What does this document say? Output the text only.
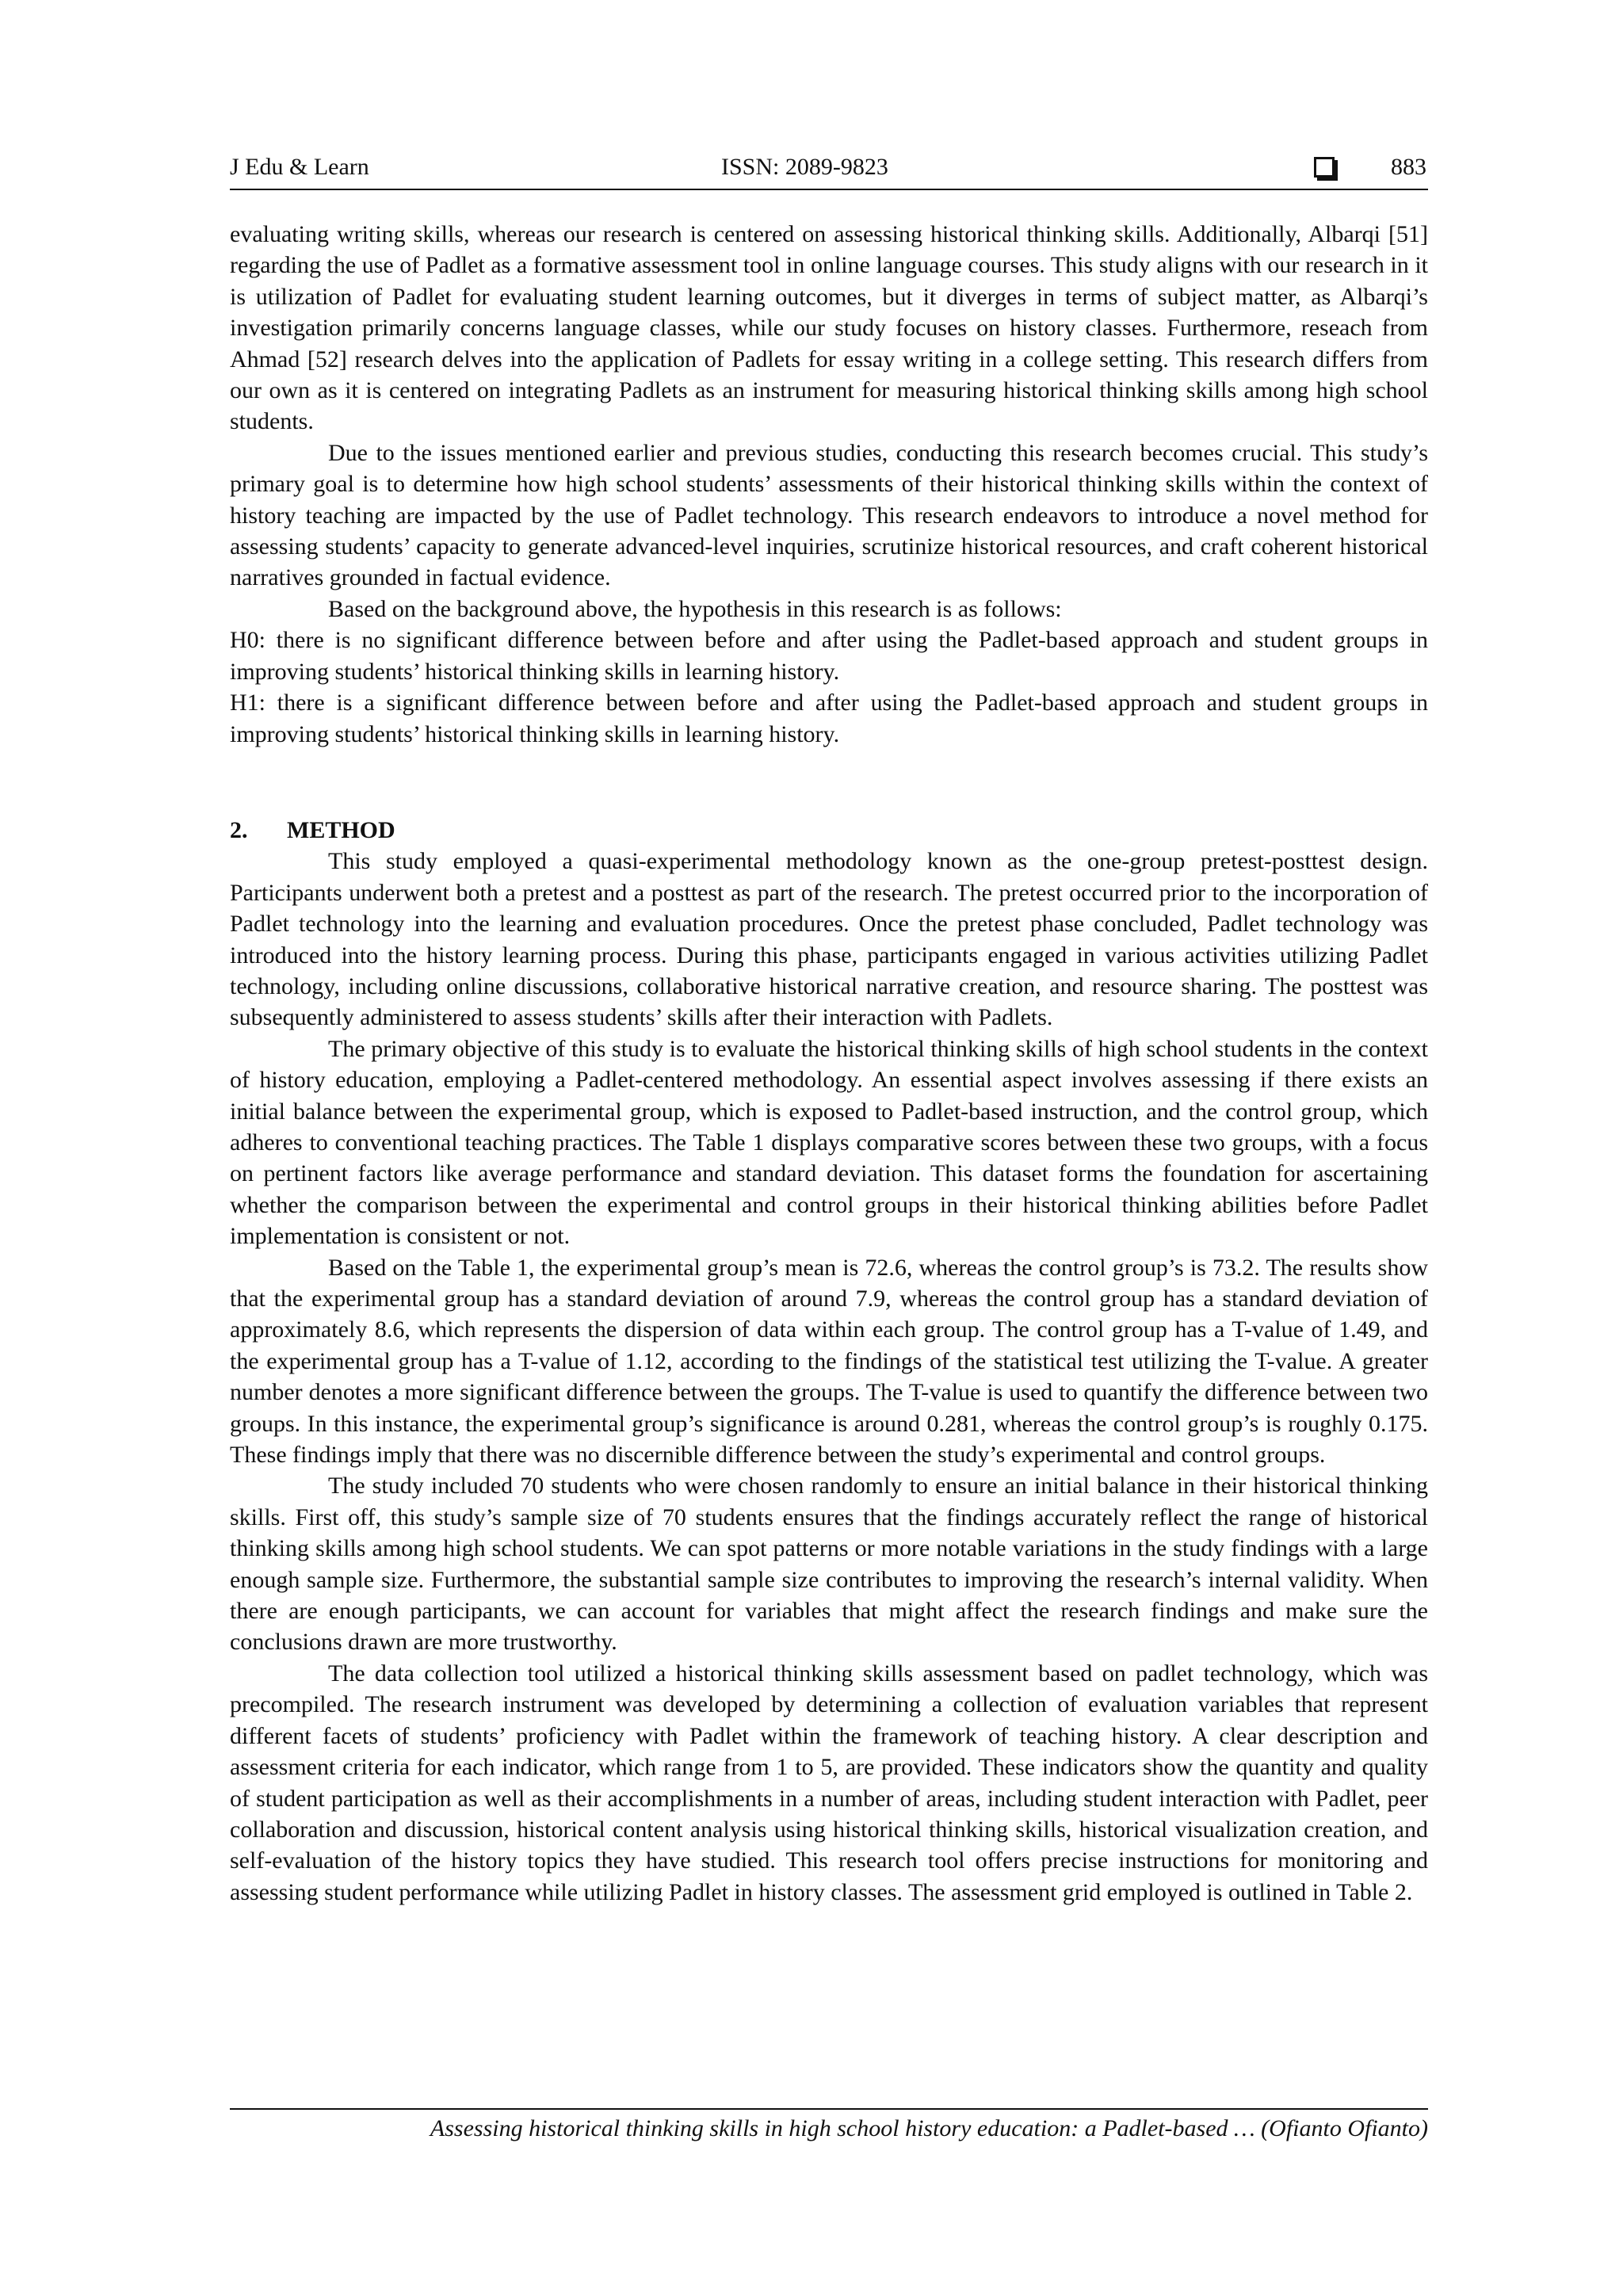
J Edu & Learn	ISSN: 2089-9823	883

evaluating writing skills, whereas our research is centered on assessing historical thinking skills. Additionally, Albarqi [51] regarding the use of Padlet as a formative assessment tool in online language courses. This study aligns with our research in it is utilization of Padlet for evaluating student learning outcomes, but it diverges in terms of subject matter, as Albarqi’s investigation primarily concerns language classes, while our study focuses on history classes. Furthermore, reseach from Ahmad [52] research delves into the application of Padlets for essay writing in a college setting. This research differs from our own as it is centered on integrating Padlets as an instrument for measuring historical thinking skills among high school students.

Due to the issues mentioned earlier and previous studies, conducting this research becomes crucial. This study’s primary goal is to determine how high school students’ assessments of their historical thinking skills within the context of history teaching are impacted by the use of Padlet technology. This research endeavors to introduce a novel method for assessing students’ capacity to generate advanced-level inquiries, scrutinize historical resources, and craft coherent historical narratives grounded in factual evidence.

Based on the background above, the hypothesis in this research is as follows:

H0: there is no significant difference between before and after using the Padlet-based approach and student groups in improving students’ historical thinking skills in learning history.

H1: there is a significant difference between before and after using the Padlet-based approach and student groups in improving students’ historical thinking skills in learning history.

2. METHOD

This study employed a quasi-experimental methodology known as the one-group pretest-posttest design. Participants underwent both a pretest and a posttest as part of the research. The pretest occurred prior to the incorporation of Padlet technology into the learning and evaluation procedures. Once the pretest phase concluded, Padlet technology was introduced into the history learning process. During this phase, participants engaged in various activities utilizing Padlet technology, including online discussions, collaborative historical narrative creation, and resource sharing. The posttest was subsequently administered to assess students’ skills after their interaction with Padlets.

The primary objective of this study is to evaluate the historical thinking skills of high school students in the context of history education, employing a Padlet-centered methodology. An essential aspect involves assessing if there exists an initial balance between the experimental group, which is exposed to Padlet-based instruction, and the control group, which adheres to conventional teaching practices. The Table 1 displays comparative scores between these two groups, with a focus on pertinent factors like average performance and standard deviation. This dataset forms the foundation for ascertaining whether the comparison between the experimental and control groups in their historical thinking abilities before Padlet implementation is consistent or not.

Based on the Table 1, the experimental group’s mean is 72.6, whereas the control group’s is 73.2. The results show that the experimental group has a standard deviation of around 7.9, whereas the control group has a standard deviation of approximately 8.6, which represents the dispersion of data within each group. The control group has a T-value of 1.49, and the experimental group has a T-value of 1.12, according to the findings of the statistical test utilizing the T-value. A greater number denotes a more significant difference between the groups. The T-value is used to quantify the difference between two groups. In this instance, the experimental group’s significance is around 0.281, whereas the control group’s is roughly 0.175. These findings imply that there was no discernible difference between the study’s experimental and control groups.

The study included 70 students who were chosen randomly to ensure an initial balance in their historical thinking skills. First off, this study’s sample size of 70 students ensures that the findings accurately reflect the range of historical thinking skills among high school students. We can spot patterns or more notable variations in the study findings with a large enough sample size. Furthermore, the substantial sample size contributes to improving the research’s internal validity. When there are enough participants, we can account for variables that might affect the research findings and make sure the conclusions drawn are more trustworthy.

The data collection tool utilized a historical thinking skills assessment based on padlet technology, which was precompiled. The research instrument was developed by determining a collection of evaluation variables that represent different facets of students’ proficiency with Padlet within the framework of teaching history. A clear description and assessment criteria for each indicator, which range from 1 to 5, are provided. These indicators show the quantity and quality of student participation as well as their accomplishments in a number of areas, including student interaction with Padlet, peer collaboration and discussion, historical content analysis using historical thinking skills, historical visualization creation, and self-evaluation of the history topics they have studied. This research tool offers precise instructions for monitoring and assessing student performance while utilizing Padlet in history classes. The assessment grid employed is outlined in Table 2.

Assessing historical thinking skills in high school history education: a Padlet-based … (Ofianto Ofianto)
